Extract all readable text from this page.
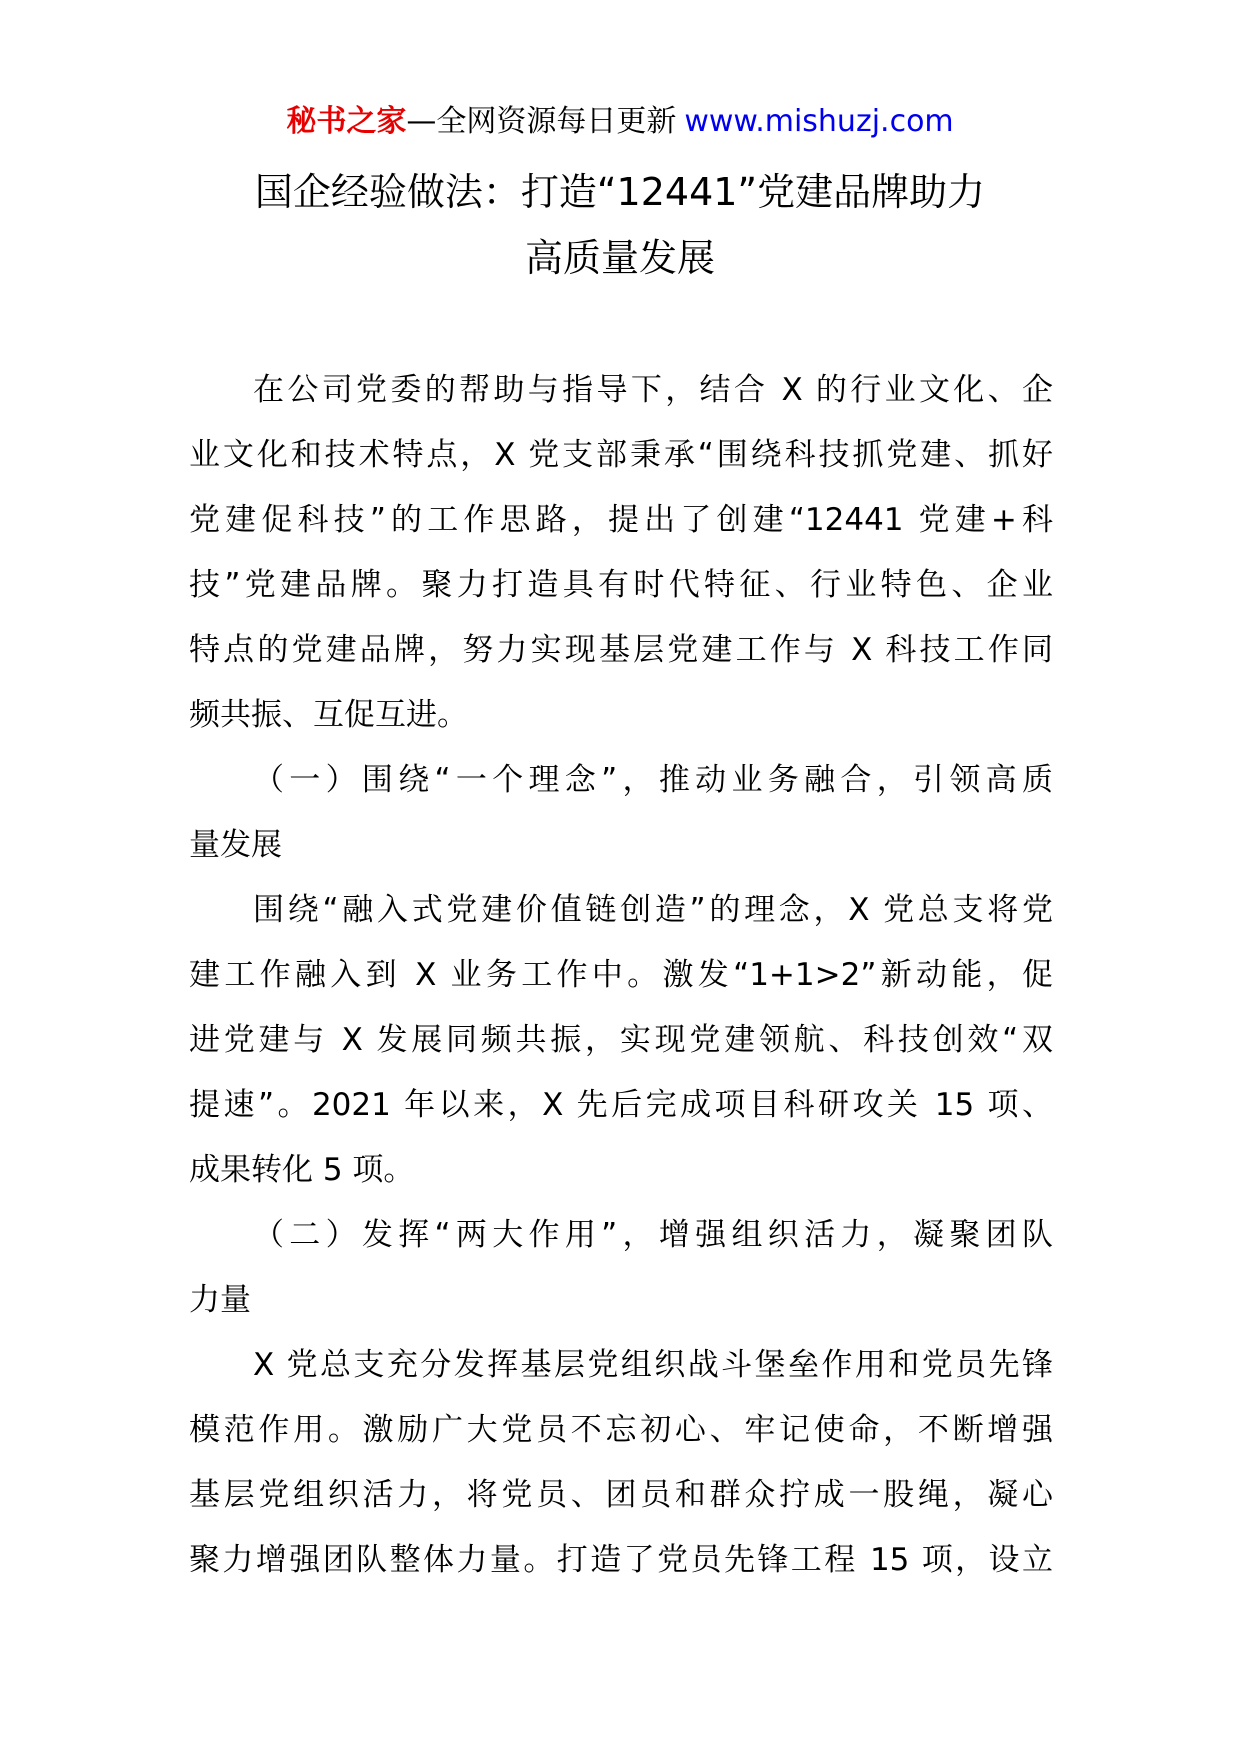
秘书之家—全网资源每日更新 www.mishuzj.com
国企经验做法：打造“12441”党建品牌助力
高质量发展
在公司党委的帮助与指导下，结合 X 的行业文化、企
业文化和技术特点，X 党支部秉承“围绕科技抓党建、抓好
党建促科技”的工作思路，提出了创建“12441 党建+科
技”党建品牌。聚力打造具有时代特征、行业特色、企业
特点的党建品牌，努力实现基层党建工作与 X 科技工作同
频共振、互促互进。
（一）围绕“一个理念”，推动业务融合，引领高质
量发展
围绕“融入式党建价值链创造”的理念，X 党总支将党
建工作融入到 X 业务工作中。激发“1+1>2”新动能，促
进党建与 X 发展同频共振，实现党建领航、科技创效“双
提速”。2021 年以来，X 先后完成项目科研攻关 15 项、
成果转化 5 项。
（二）发挥“两大作用”，增强组织活力，凝聚团队
力量
X 党总支充分发挥基层党组织战斗堡垒作用和党员先锋
模范作用。激励广大党员不忘初心、牢记使命，不断增强
基层党组织活力，将党员、团员和群众拧成一股绳，凝心
聚力增强团队整体力量。打造了党员先锋工程 15 项，设立
